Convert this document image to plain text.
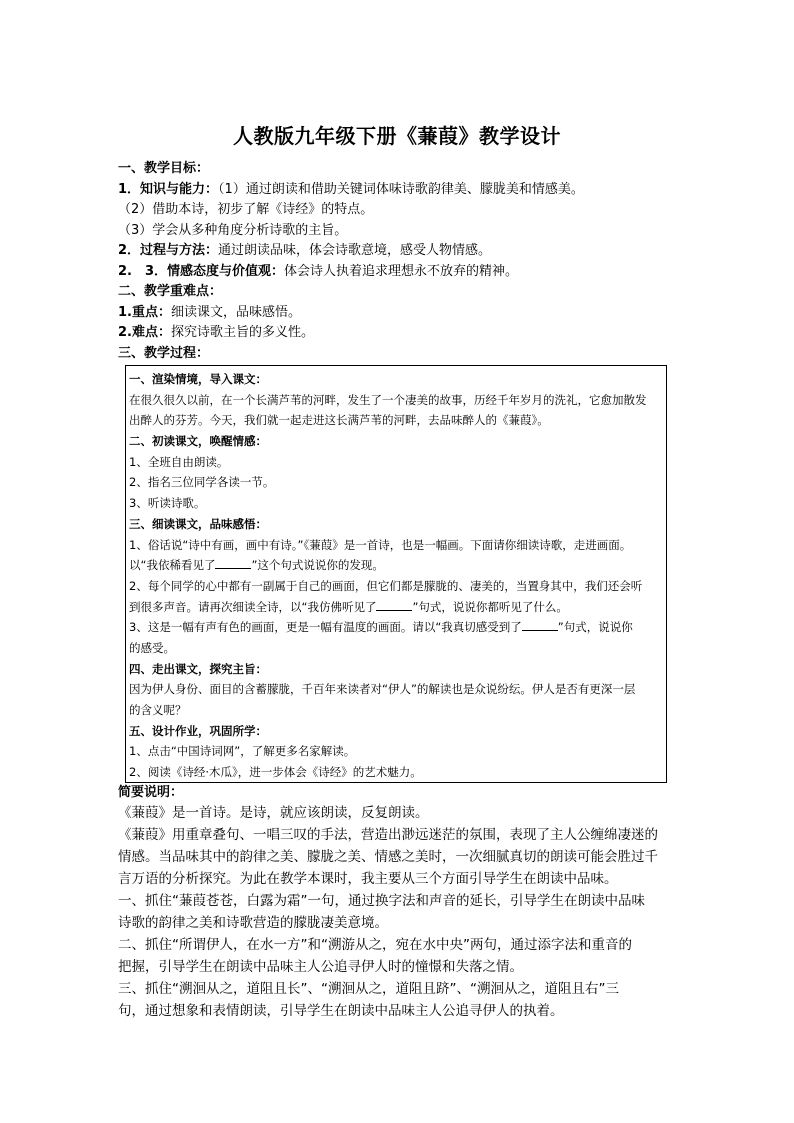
人教版九年级下册《蒹葭》教学设计
一、教学目标：
1．知识与能力：（1）通过朗读和借助关键词体味诗歌韵律美、朦胧美和情感美。
（2）借助本诗，初步了解《诗经》的特点。
（3）学会从多种角度分析诗歌的主旨。
2．过程与方法：通过朗读品味，体会诗歌意境，感受人物情感。
2.　3．情感态度与价值观：体会诗人执着追求理想永不放弃的精神。
二、教学重难点：
1.重点：细读课文，品味感悟。
2.难点：探究诗歌主旨的多义性。
三、教学过程：
一、渲染情境，导入课文：
在很久很久以前，在一个长满芦苇的河畔，发生了一个凄美的故事，历经千年岁月的洗礼，它愈加散发
出醉人的芬芳。今天，我们就一起走进这长满芦苇的河畔，去品味醉人的《蒹葭》。
二、初读课文，唤醒情感：
1、全班自由朗读。
2、指名三位同学各读一节。
3、听读诗歌。
三、细读课文，品味感悟：
1、俗话说“诗中有画，画中有诗。”《蒹葭》是一首诗，也是一幅画。下面请你细读诗歌，走进画面。
以“我依稀看见了	”这个句式说说你的发现。
2、每个同学的心中都有一副属于自己的画面，但它们都是朦胧的、凄美的，当置身其中，我们还会听
到很多声音。请再次细读全诗，以“我仿佛听见了	”句式，说说你都听见了什么。
3、这是一幅有声有色的画面，更是一幅有温度的画面。请以“我真切感受到了	”句式，说说你
的感受。
四、走出课文，探究主旨：
因为伊人身份、面目的含蓄朦胧，千百年来读者对“伊人”的解读也是众说纷纭。伊人是否有更深一层
的含义呢？
五、设计作业，巩固所学：
1、点击“中国诗词网”，了解更多名家解读。
2、阅读《诗经·木瓜》，进一步体会《诗经》的艺术魅力。
简要说明：
《蒹葭》是一首诗。是诗，就应该朗读，反复朗读。
《蒹葭》用重章叠句、一唱三叹的手法，营造出渺远迷茫的氛围，表现了主人公缠绵凄迷的
情感。当品味其中的韵律之美、朦胧之美、情感之美时，一次细腻真切的朗读可能会胜过千
言万语的分析探究。为此在教学本课时，我主要从三个方面引导学生在朗读中品味。
一、抓住“蒹葭苍苍，白露为霜”一句，通过换字法和声音的延长，引导学生在朗读中品味
诗歌的韵律之美和诗歌营造的朦胧凄美意境。
二、抓住“所谓伊人，在水一方”和“溯游从之，宛在水中央”两句，通过添字法和重音的
把握，引导学生在朗读中品味主人公追寻伊人时的憧憬和失落之情。
三、抓住“溯洄从之，道阻且长”、“溯洄从之，道阻且跻”、“溯洄从之，道阻且右”三
句，通过想象和表情朗读，引导学生在朗读中品味主人公追寻伊人的执着。
